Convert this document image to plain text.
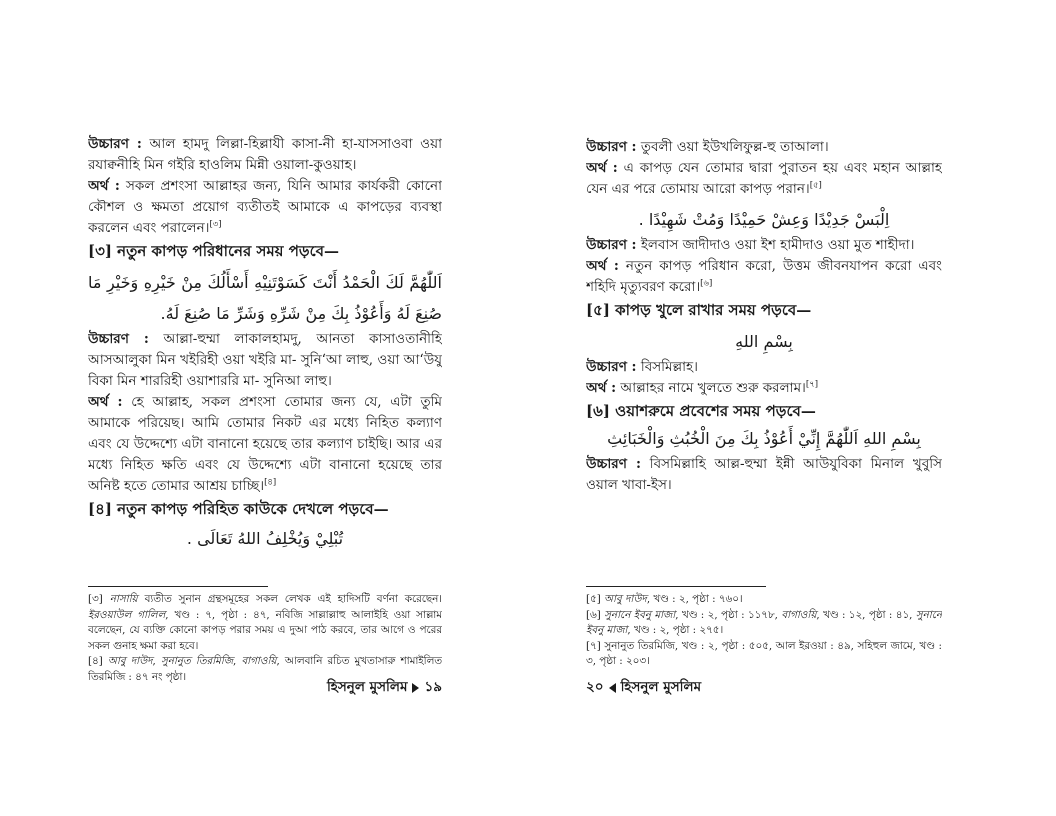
উচ্চারণ : আল হামদু লিল্লা-হিল্লাযী কাসা-নী হা-যাসসাওবা ওয়া রযাক্বনীহি মিন গইরি হাওলিম মিন্নী ওয়ালা-কুওয়াহ।

অর্থ : সকল প্রশংসা আল্লাহর জন্য, যিনি আমার কার্যকরী কোনো কৌশল ও ক্ষমতা প্রয়োগ ব্যতীতই আমাকে এ কাপড়ের ব্যবস্থা করলেন এবং পরালেন।[৩]

[৩] নতুন কাপড় পরিধানের সময় পড়বে—

اَللّٰهُمَّ لَكَ الْحَمْدُ أَنْتَ كَسَوْتَنِيْهِ أَسْأَلُكَ مِنْ خَيْرِهِ وَخَيْرِ مَا صُنِعَ لَهُ وَأَعُوْذُ بِكَ مِنْ شَرِّهِ وَشَرِّ مَا صُنِعَ لَهُ.

উচ্চারণ : আল্লা-হুম্মা লাকালহামদু, আনতা কাসাওতানীহি আসআলুকা মিন খইরিহী ওয়া খইরি মা- সুনি‘আ লাহু, ওয়া আ‘উযু বিকা মিন শাররিহী ওয়াশাররি মা- সুনিআ লাহু।

অর্থ : হে আল্লাহ, সকল প্রশংসা তোমার জন্য যে, এটা তুমি আমাকে পরিয়েছ। আমি তোমার নিকট এর মধ্যে নিহিত কল্যাণ এবং যে উদ্দেশ্যে এটা বানানো হয়েছে তার কল্যাণ চাইছি। আর এর মধ্যে নিহিত ক্ষতি এবং যে উদ্দেশ্যে এটা বানানো হয়েছে তার অনিষ্ট হতে তোমার আশ্রয় চাচ্ছি।[৪]

[৪] নতুন কাপড় পরিহিত কাউকে দেখলে পড়বে—

تُبْلِيْ وَيُخْلِفُ اللهُ تَعَالَى .

[৩] নাসায়ি ব্যতীত সুনান গ্রন্থসমূহের সকল লেখক এই হাদিসটি বর্ণনা করেছেন। ইরওয়াউল গালিল, খণ্ড : ৭, পৃষ্ঠা : ৪৭, নবিজি সাল্লাল্লাহু আলাইহি ওয়া সাল্লাম বলেছেন, যে ব্যক্তি কোনো কাপড় পরার সময় এ দুআ পাঠ করবে, তার আগে ও পরের সকল গুনাহ ক্ষমা করা হবে।

[৪] আবু দাউদ, সুনানুত তিরমিজি, বাগাওয়ি, আলবানি রচিত মুখতাসারু শামাইলিত তিরমিজি : ৪৭ নং পৃষ্ঠা।

হিসনুল মুসলিম ১৯

উচ্চারণ : তুবলী ওয়া ইউখলিফুল্ল-হু তাআলা।

অর্থ : এ কাপড় যেন তোমার দ্বারা পুরাতন হয় এবং মহান আল্লাহ যেন এর পরে তোমায় আরো কাপড় পরান।[৫]

اِلْبَسْ جَدِيْدًا وَعِشْ حَمِيْدًا وَمُتْ شَهِيْدًا .

উচ্চারণ : ইলবাস জাদীদাও ওয়া ইশ হামীদাও ওয়া মুত শাহীদা।

অর্থ : নতুন কাপড় পরিধান করো, উত্তম জীবনযাপন করো এবং শহিদি মৃত্যুবরণ করো।[৬]

[৫] কাপড় খুলে রাখার সময় পড়বে—

بِسْمِ اللهِ

উচ্চারণ : বিসমিল্লাহ।

অর্থ : আল্লাহর নামে খুলতে শুরু করলাম।[৭]

[৬] ওয়াশরুমে প্রবেশের সময় পড়বে—

بِسْمِ اللهِ اَللّٰهُمَّ إِنِّيْ أَعُوْذُ بِكَ مِنَ الْخُبُثِ وَالْخَبَائِثِ

উচ্চারণ : বিসমিল্লাহি আল্ল-হুম্মা ইন্নী আউযুবিকা মিনাল খুবুসি ওয়াল খাবা-ইস।

[৫] আবু দাউদ, খণ্ড : ২, পৃষ্ঠা : ৭৬০।

[৬] সুনানে ইবনু মাজা, খণ্ড : ২, পৃষ্ঠা : ১১৭৮, বাগাওয়ি, খণ্ড : ১২, পৃষ্ঠা : ৪১, সুনানে ইবনু মাজা, খণ্ড : ২, পৃষ্ঠা : ২৭৫।

[৭] সুনানুত তিরমিজি, খণ্ড : ২, পৃষ্ঠা : ৫০৫, আল ইরওয়া : ৪৯, সহিহুল জামে, খণ্ড : ৩, পৃষ্ঠা : ২০৩।

২০ হিসনুল মুসলিম
